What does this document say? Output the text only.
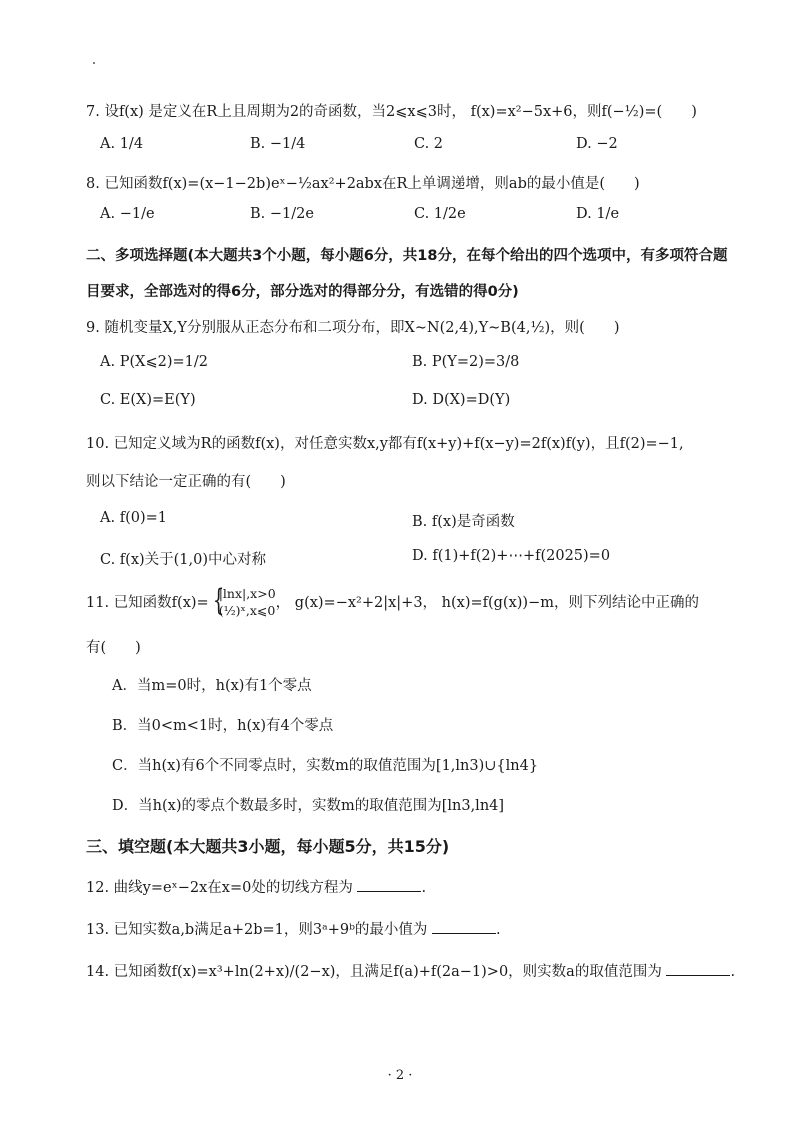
7. 设f(x) 是定义在R上且周期为2的奇函数，当2⩽x⩽3时， f(x)=x²−5x+6，则f(−½)=(　　)
A. 1/4	B. −1/4	C. 2	D. −2
8. 已知函数f(x)=(x−1−2b)eˣ−½ax²+2abx在R上单调递增，则ab的最小值是(　　)
A. −1/e	B. −1/2e	C. 1/2e	D. 1/e
二、多项选择题(本大题共3个小题，每小题6分，共18分，在每个给出的四个选项中，有多项符合题
目要求，全部选对的得6分，部分选对的得部分分，有选错的得0分)
9. 随机变量X,Y分别服从正态分布和二项分布，即X∼N(2,4),Y∼B(4,½)，则(　　)
A. P(X⩽2)=1/2	B. P(Y=2)=3/8
C. E(X)=E(Y)	D. D(X)=D(Y)
10. 已知定义域为R的函数f(x)，对任意实数x,y都有f(x+y)+f(x−y)=2f(x)f(y)，且f(2)=−1,
则以下结论一定正确的有(　　)
A. f(0)=1	B. f(x)是奇函数
C. f(x)关于(1,0)中心对称	D. f(1)+f(2)+⋯+f(2025)=0
11. 已知函数f(x)= {
|lnx|,x>0
(½)ˣ,x⩽0 ， g(x)=−x²+2|x|+3， h(x)=f(g(x))−m，则下列结论中正确的
有(　　)
A．当m=0时，h(x)有1个零点
B．当0<m<1时，h(x)有4个零点
C．当h(x)有6个不同零点时，实数m的取值范围为[1,ln3)∪{ln4}
D．当h(x)的零点个数最多时，实数m的取值范围为[ln3,ln4]
三、填空题(本大题共3小题，每小题5分，共15分)
12. 曲线y=eˣ−2x在x=0处的切线方程为	.
13. 已知实数a,b满足a+2b=1，则3ᵃ+9ᵇ的最小值为	.
14. 已知函数f(x)=x³+ln(2+x)/(2−x)，且满足f(a)+f(2a−1)>0，则实数a的取值范围为	.
· 2 ·
